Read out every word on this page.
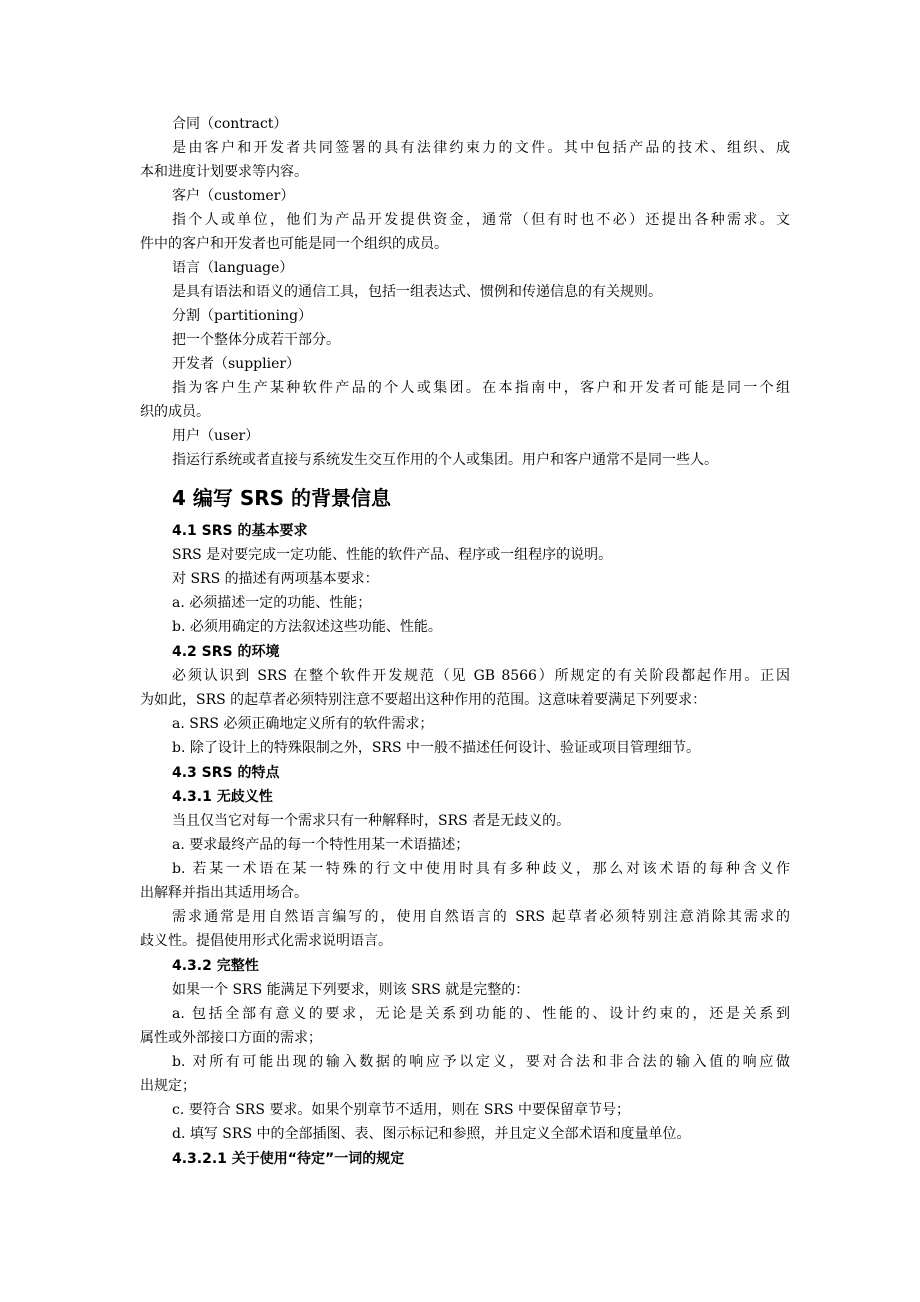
合同（contract）
是由客户和开发者共同签署的具有法律约束力的文件。其中包括产品的技术、组织、成
本和进度计划要求等内容。
客户（customer）
指个人或单位，他们为产品开发提供资金，通常（但有时也不必）还提出各种需求。文
件中的客户和开发者也可能是同一个组织的成员。
语言（language）
是具有语法和语义的通信工具，包括一组表达式、惯例和传递信息的有关规则。
分割（partitioning）
把一个整体分成若干部分。
开发者（supplier）
指为客户生产某种软件产品的个人或集团。在本指南中，客户和开发者可能是同一个组
织的成员。
用户（user）
指运行系统或者直接与系统发生交互作用的个人或集团。用户和客户通常不是同一些人。
4 编写 SRS 的背景信息
4.1 SRS 的基本要求
SRS 是对要完成一定功能、性能的软件产品、程序或一组程序的说明。
对 SRS 的描述有两项基本要求：
a. 必须描述一定的功能、性能；
b. 必须用确定的方法叙述这些功能、性能。
4.2 SRS 的环境
必须认识到 SRS 在整个软件开发规范（见 GB 8566）所规定的有关阶段都起作用。正因
为如此，SRS 的起草者必须特别注意不要超出这种作用的范围。这意味着要满足下列要求：
a. SRS 必须正确地定义所有的软件需求；
b. 除了设计上的特殊限制之外，SRS 中一般不描述任何设计、验证或项目管理细节。
4.3 SRS 的特点
4.3.1 无歧义性
当且仅当它对每一个需求只有一种解释时，SRS 者是无歧义的。
a. 要求最终产品的每一个特性用某一术语描述；
b. 若某一术语在某一特殊的行文中使用时具有多种歧义，那么对该术语的每种含义作
出解释并指出其适用场合。
需求通常是用自然语言编写的，使用自然语言的 SRS 起草者必须特别注意消除其需求的
歧义性。提倡使用形式化需求说明语言。
4.3.2 完整性
如果一个 SRS 能满足下列要求，则该 SRS 就是完整的：
a. 包括全部有意义的要求，无论是关系到功能的、性能的、设计约束的，还是关系到
属性或外部接口方面的需求；
b. 对所有可能出现的输入数据的响应予以定义，要对合法和非合法的输入值的响应做
出规定；
c. 要符合 SRS 要求。如果个别章节不适用，则在 SRS 中要保留章节号；
d. 填写 SRS 中的全部插图、表、图示标记和参照，并且定义全部术语和度量单位。
4.3.2.1 关于使用“待定”一词的规定
